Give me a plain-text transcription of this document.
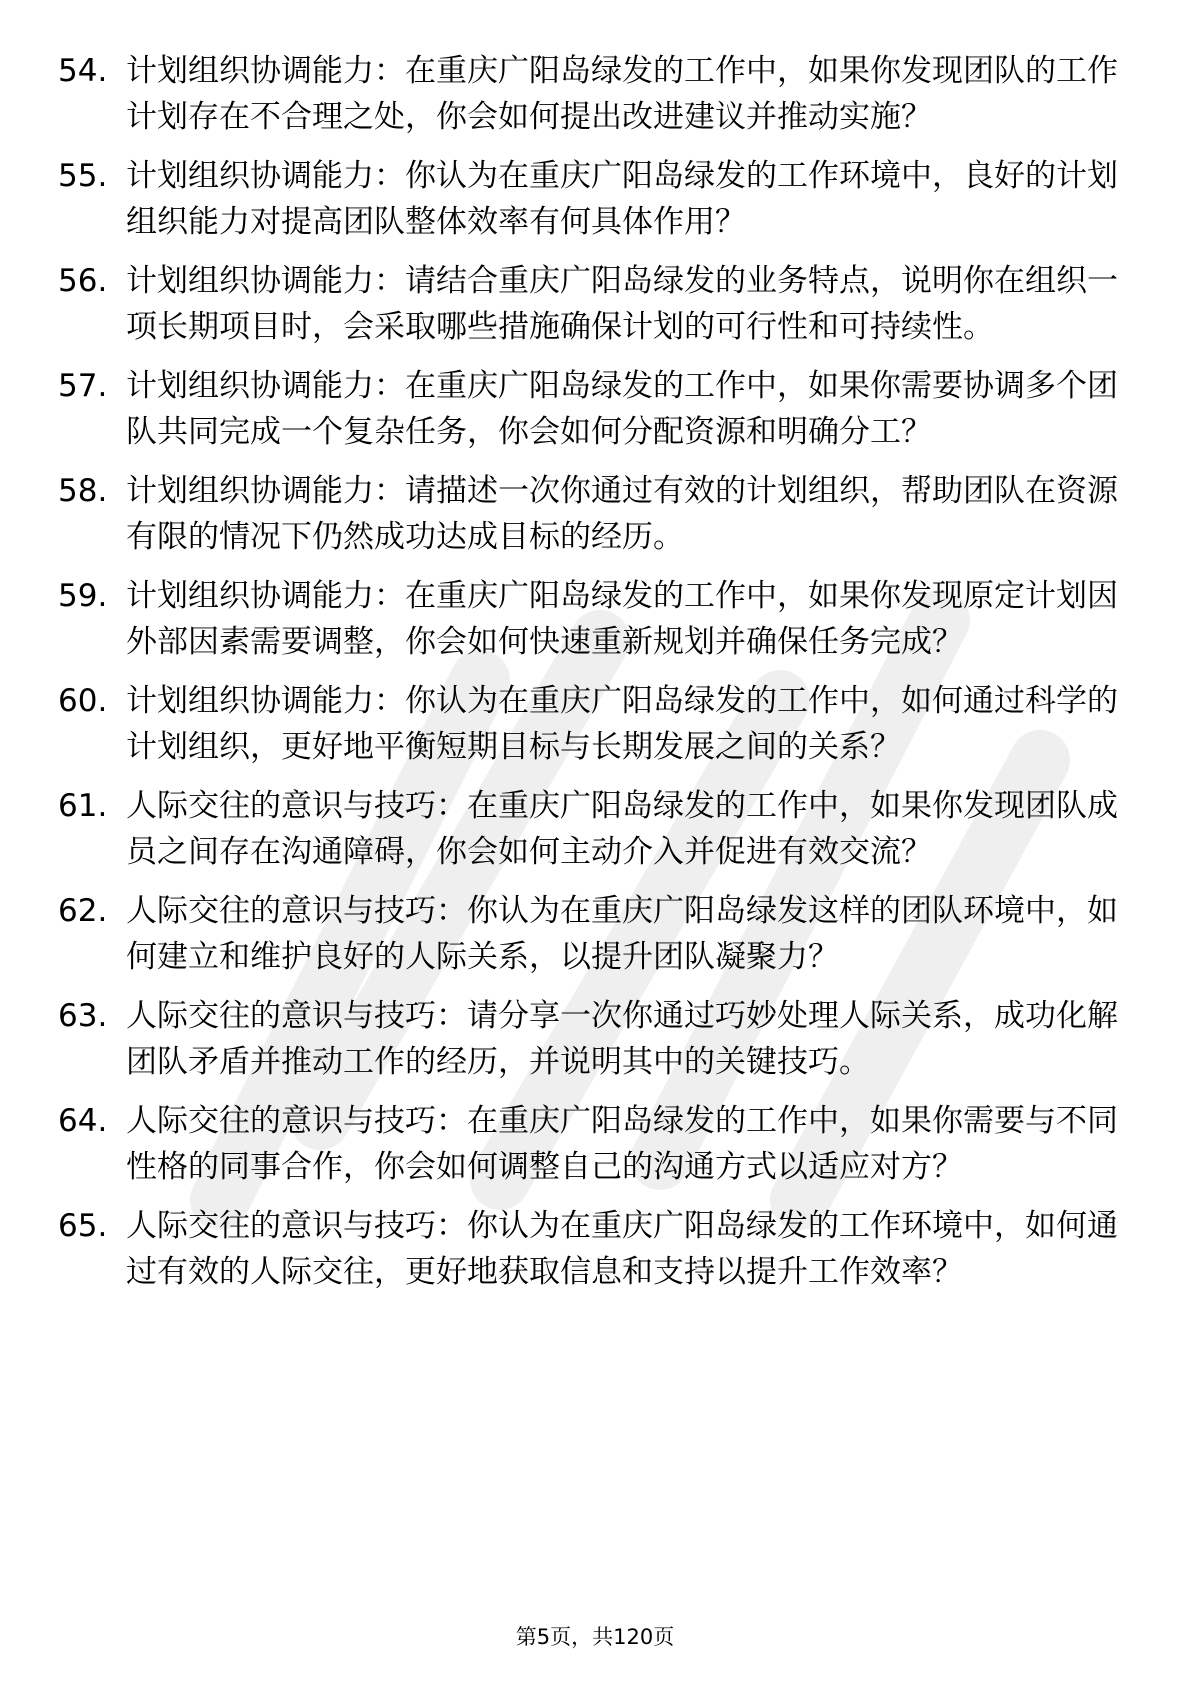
54. 计划组织协调能力：在重庆广阳岛绿发的工作中，如果你发现团队的工作计划存在不合理之处，你会如何提出改进建议并推动实施？
55. 计划组织协调能力：你认为在重庆广阳岛绿发的工作环境中，良好的计划组织能力对提高团队整体效率有何具体作用？
56. 计划组织协调能力：请结合重庆广阳岛绿发的业务特点，说明你在组织一项长期项目时，会采取哪些措施确保计划的可行性和可持续性。
57. 计划组织协调能力：在重庆广阳岛绿发的工作中，如果你需要协调多个团队共同完成一个复杂任务，你会如何分配资源和明确分工？
58. 计划组织协调能力：请描述一次你通过有效的计划组织，帮助团队在资源有限的情况下仍然成功达成目标的经历。
59. 计划组织协调能力：在重庆广阳岛绿发的工作中，如果你发现原定计划因外部因素需要调整，你会如何快速重新规划并确保任务完成？
60. 计划组织协调能力：你认为在重庆广阳岛绿发的工作中，如何通过科学的计划组织，更好地平衡短期目标与长期发展之间的关系？
61. 人际交往的意识与技巧：在重庆广阳岛绿发的工作中，如果你发现团队成员之间存在沟通障碍，你会如何主动介入并促进有效交流？
62. 人际交往的意识与技巧：你认为在重庆广阳岛绿发这样的团队环境中，如何建立和维护良好的人际关系，以提升团队凝聚力？
63. 人际交往的意识与技巧：请分享一次你通过巧妙处理人际关系，成功化解团队矛盾并推动工作的经历，并说明其中的关键技巧。
64. 人际交往的意识与技巧：在重庆广阳岛绿发的工作中，如果你需要与不同性格的同事合作，你会如何调整自己的沟通方式以适应对方？
65. 人际交往的意识与技巧：你认为在重庆广阳岛绿发的工作环境中，如何通过有效的人际交往，更好地获取信息和支持以提升工作效率？
第5页，共120页
